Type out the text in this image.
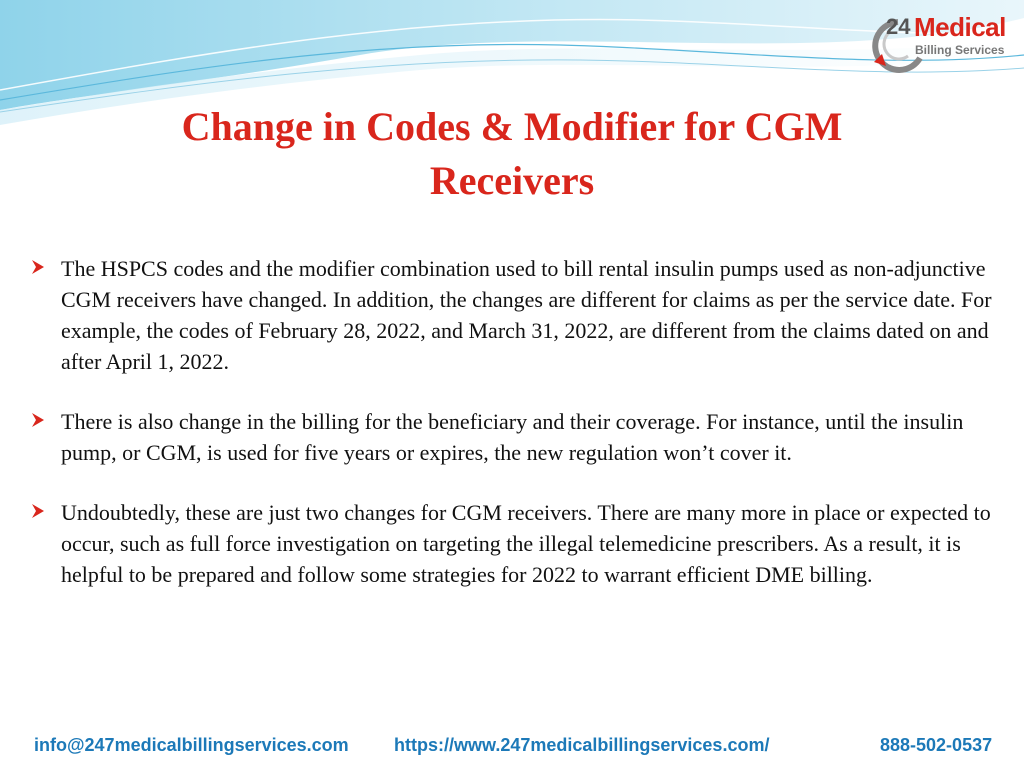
24 Medical
Billing Services
Change in Codes & Modifier for CGM
Receivers
The HSPCS codes and the modifier combination used to bill rental insulin pumps used as non-adjunctive CGM receivers have changed. In addition, the changes are different for claims as per the service date. For example, the codes of February 28, 2022, and March 31, 2022, are different from the claims dated on and after April 1, 2022.
There is also change in the billing for the beneficiary and their coverage. For instance, until the insulin pump, or CGM, is used for five years or expires, the new regulation won’t cover it.
Undoubtedly, these are just two changes for CGM receivers. There are many more in place or expected to occur, such as full force investigation on targeting the illegal telemedicine prescribers. As a result, it is helpful to be prepared and follow some strategies for 2022 to warrant efficient DME billing.
info@247medicalbillingservices.com	https://www.247medicalbillingservices.com/	888-502-0537
